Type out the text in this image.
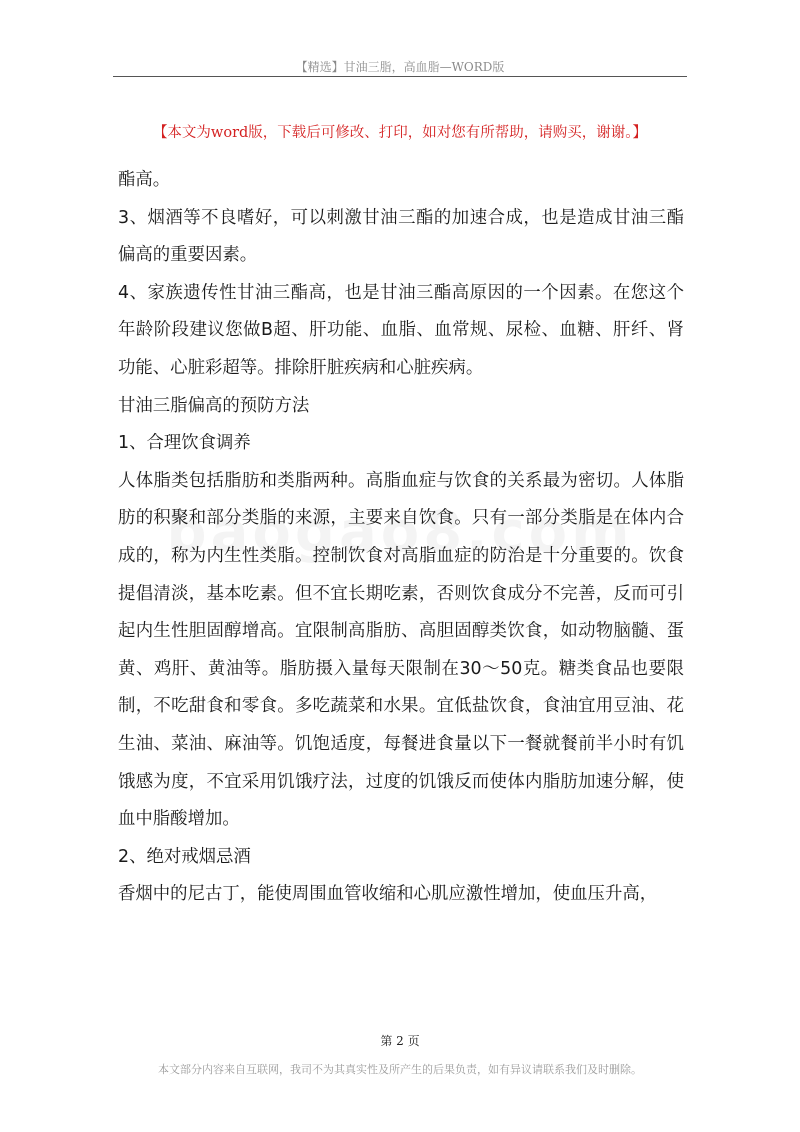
【精选】甘油三脂，高血脂—WORD版
【本文为word版，下载后可修改、打印，如对您有所帮助，请购买，谢谢。】

酯高。

3、烟酒等不良嗜好，可以刺激甘油三酯的加速合成，也是造成甘油三酯偏高的重要因素。

4、家族遗传性甘油三酯高，也是甘油三酯高原因的一个因素。在您这个年龄阶段建议您做B超、肝功能、血脂、血常规、尿检、血糖、肝纤、肾功能、心脏彩超等。排除肝脏疾病和心脏疾病。

甘油三脂偏高的预防方法

1、合理饮食调养

人体脂类包括脂肪和类脂两种。高脂血症与饮食的关系最为密切。人体脂肪的积聚和部分类脂的来源，主要来自饮食。只有一部分类脂是在体内合成的，称为内生性类脂。控制饮食对高脂血症的防治是十分重要的。饮食提倡清淡，基本吃素。但不宜长期吃素，否则饮食成分不完善，反而可引起内生性胆固醇增高。宜限制高脂肪、高胆固醇类饮食，如动物脑髓、蛋黄、鸡肝、黄油等。脂肪摄入量每天限制在30～50克。糖类食品也要限制，不吃甜食和零食。多吃蔬菜和水果。宜低盐饮食，食油宜用豆油、花生油、菜油、麻油等。饥饱适度，每餐进食量以下一餐就餐前半小时有饥饿感为度，不宜采用饥饿疗法，过度的饥饿反而使体内脂肪加速分解，使血中脂酸增加。

2、绝对戒烟忌酒

香烟中的尼古丁，能使周围血管收缩和心肌应激性增加，使血压升高，

第 2 页
本文部分内容来自互联网，我司不为其真实性及所产生的后果负责，如有异议请联系我们及时删除。
